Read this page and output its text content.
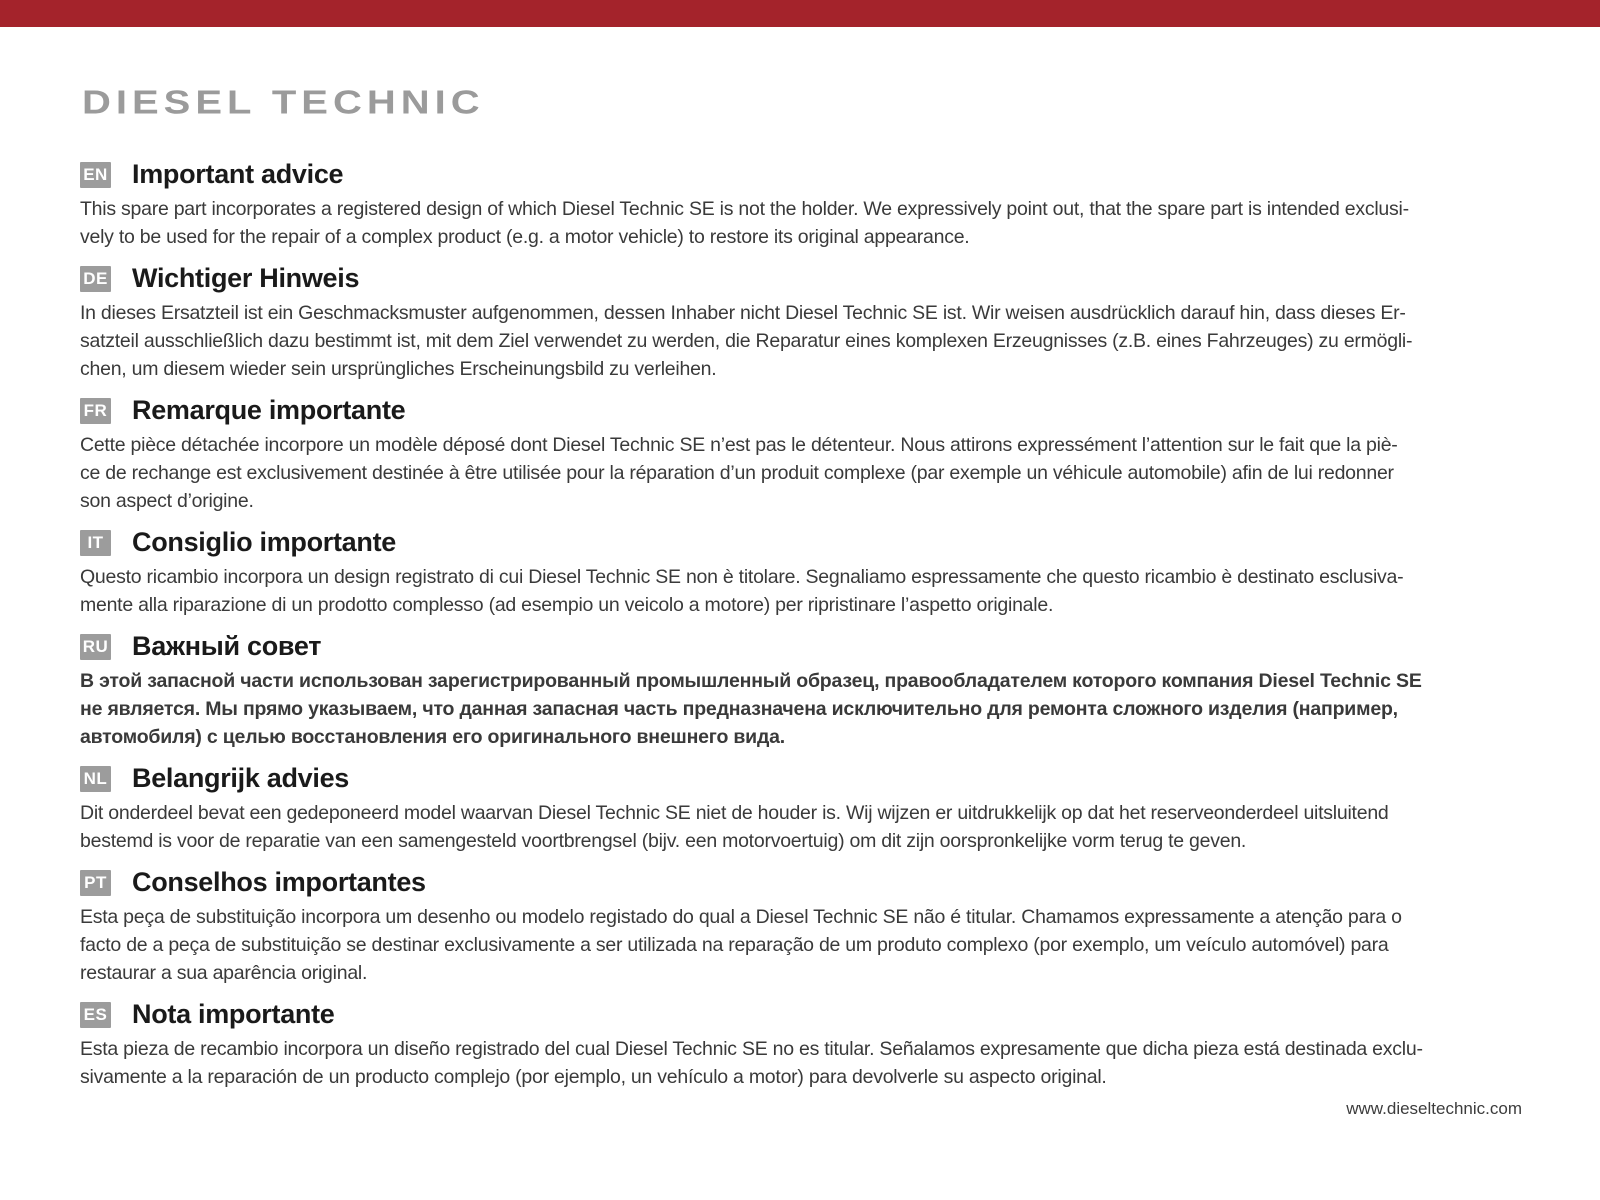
DIESEL TECHNIC
EN Important advice

This spare part incorporates a registered design of which Diesel Technic SE is not the holder. We expressively point out, that the spare part is intended exclusi-

vely to be used for the repair of a complex product (e.g. a motor vehicle) to restore its original appearance.

DE Wichtiger Hinweis

In dieses Ersatzteil ist ein Geschmacksmuster aufgenommen, dessen Inhaber nicht Diesel Technic SE ist. Wir weisen ausdrücklich darauf hin, dass dieses Er-

satzteil ausschließlich dazu bestimmt ist, mit dem Ziel verwendet zu werden, die Reparatur eines komplexen Erzeugnisses (z.B. eines Fahrzeuges) zu ermögli-

chen, um diesem wieder sein ursprüngliches Erscheinungsbild zu verleihen.

FR Remarque importante

Cette pièce détachée incorpore un modèle déposé dont Diesel Technic SE n’est pas le détenteur. Nous attirons expressément l’attention sur le fait que la piè-

ce de rechange est exclusivement destinée à être utilisée pour la réparation d’un produit complexe (par exemple un véhicule automobile) afin de lui redonner

son aspect d’origine.

IT Consiglio importante

Questo ricambio incorpora un design registrato di cui Diesel Technic SE non è titolare. Segnaliamo espressamente che questo ricambio è destinato esclusiva-

mente alla riparazione di un prodotto complesso (ad esempio un veicolo a motore) per ripristinare l’aspetto originale.

RU Важный совет

В этой запасной части использован зарегистрированный промышленный образец, правообладателем которого компания Diesel Technic SE

не является. Мы прямо указываем, что данная запасная часть предназначена исключительно для ремонта сложного изделия (например,

автомобиля) с целью восстановления его оригинального внешнего вида.

NL Belangrijk advies

Dit onderdeel bevat een gedeponeerd model waarvan Diesel Technic SE niet de houder is. Wij wijzen er uitdrukkelijk op dat het reserveonderdeel uitsluitend

bestemd is voor de reparatie van een samengesteld voortbrengsel (bijv. een motorvoertuig) om dit zijn oorspronkelijke vorm terug te geven.

PT Conselhos importantes

Esta peça de substituição incorpora um desenho ou modelo registado do qual a Diesel Technic SE não é titular. Chamamos expressamente a atenção para o

facto de a peça de substituição se destinar exclusivamente a ser utilizada na reparação de um produto complexo (por exemplo, um veículo automóvel) para

restaurar a sua aparência original.

ES Nota importante

Esta pieza de recambio incorpora un diseño registrado del cual Diesel Technic SE no es titular. Señalamos expresamente que dicha pieza está destinada exclu-

sivamente a la reparación de un producto complejo (por ejemplo, un vehículo a motor) para devolverle su aspecto original.

www.dieseltechnic.com
